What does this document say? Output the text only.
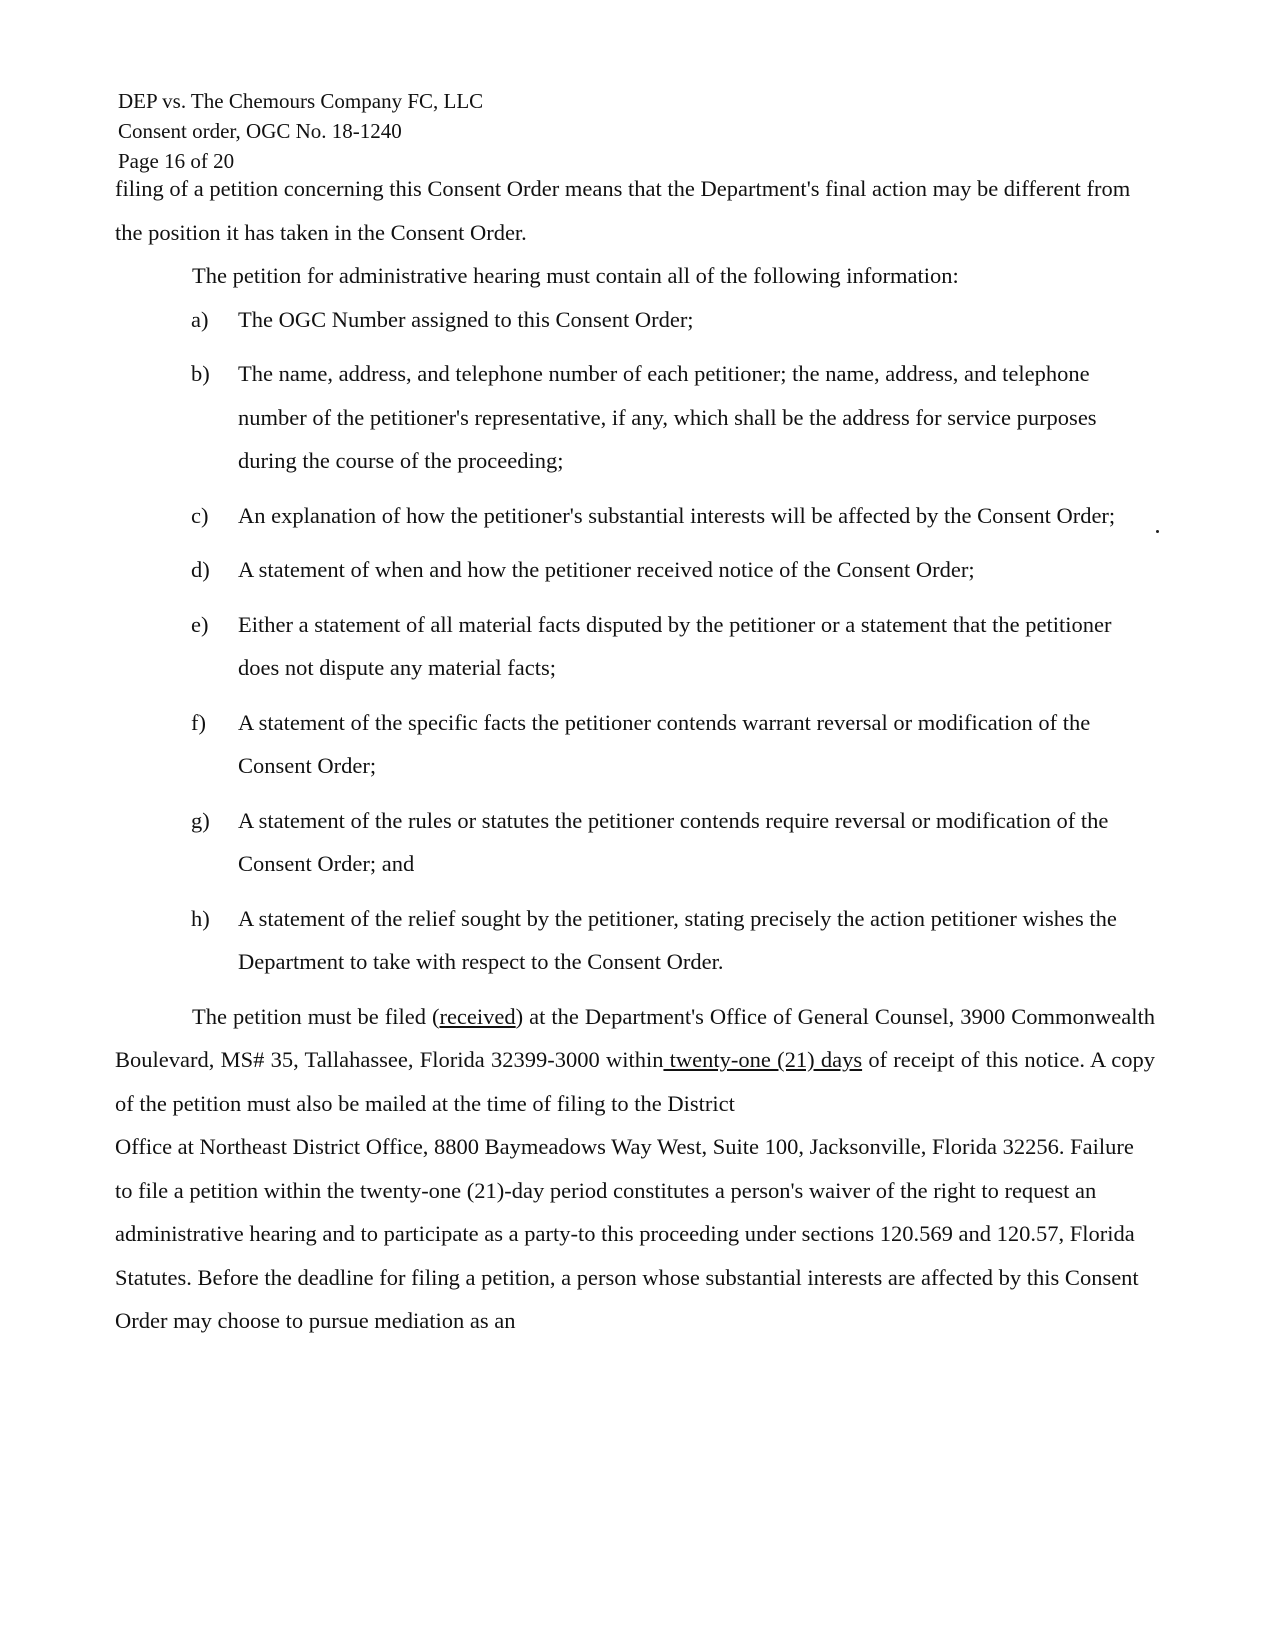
DEP vs. The Chemours Company FC, LLC
Consent order, OGC No. 18-1240
Page 16 of 20

filing of a petition concerning this Consent Order means that the Department's final action may be different from the position it has taken in the Consent Order.

The petition for administrative hearing must contain all of the following information:

a) The OGC Number assigned to this Consent Order;
b) The name, address, and telephone number of each petitioner; the name, address, and telephone number of the petitioner's representative, if any, which shall be the address for service purposes during the course of the proceeding;
c) An explanation of how the petitioner's substantial interests will be affected by the Consent Order;
d) A statement of when and how the petitioner received notice of the Consent Order;
e) Either a statement of all material facts disputed by the petitioner or a statement that the petitioner does not dispute any material facts;
f) A statement of the specific facts the petitioner contends warrant reversal or modification of the Consent Order;
g) A statement of the rules or statutes the petitioner contends require reversal or modification of the Consent Order; and
h) A statement of the relief sought by the petitioner, stating precisely the action petitioner wishes the Department to take with respect to the Consent Order.

The petition must be filed (received) at the Department's Office of General Counsel, 3900 Commonwealth Boulevard, MS# 35, Tallahassee, Florida 32399-3000 within twenty-one (21) days of receipt of this notice. A copy of the petition must also be mailed at the time of filing to the District

Office at Northeast District Office, 8800 Baymeadows Way West, Suite 100, Jacksonville, Florida 32256. Failure to file a petition within the twenty-one (21)-day period constitutes a person's waiver of the right to request an administrative hearing and to participate as a party-to this proceeding under sections 120.569 and 120.57, Florida Statutes. Before the deadline for filing a petition, a person whose substantial interests are affected by this Consent Order may choose to pursue mediation as an
